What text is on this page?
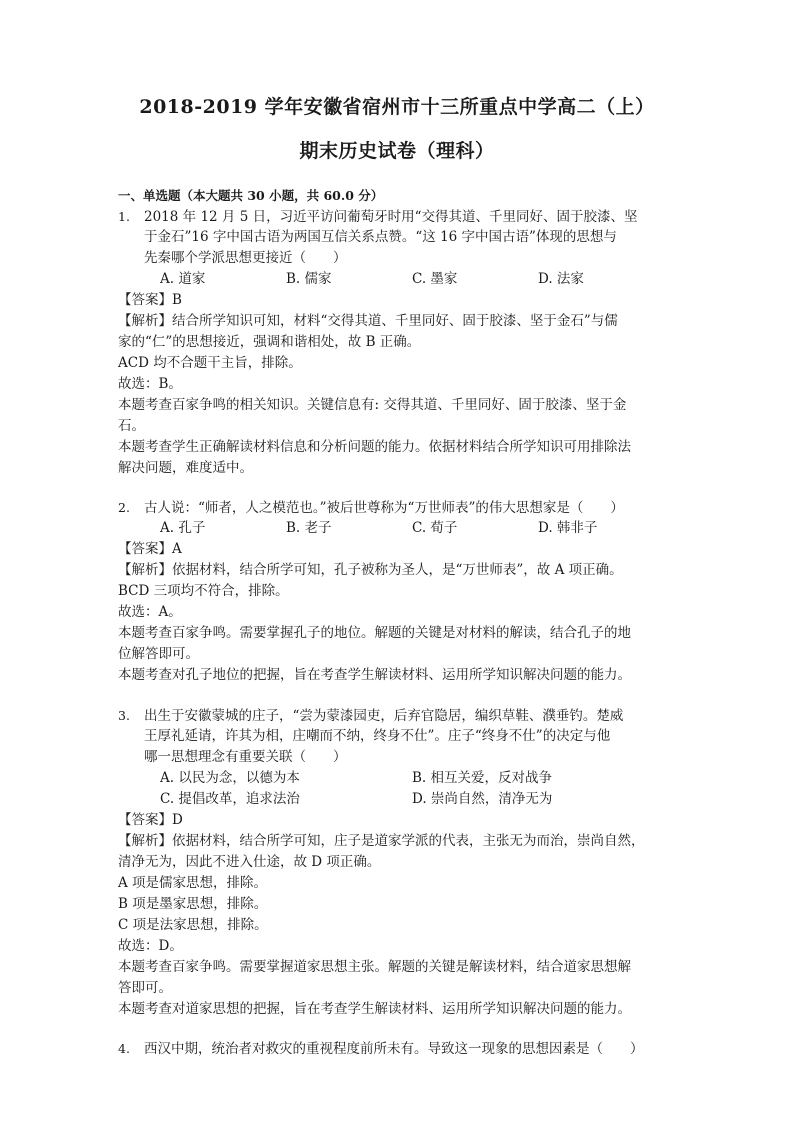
2018-2019 学年安徽省宿州市十三所重点中学高二（上）
期末历史试卷（理科）
一、单选题（本大题共 30 小题，共 60.0 分）
1. 2018 年 12 月 5 日，习近平访问葡萄牙时用“交得其道、千里同好、固于胶漆、坚
于金石”16 字中国古语为两国互信关系点赞。“这 16 字中国古语”体现的思想与
先秦哪个学派思想更接近（　　）
A. 道家	B. 儒家	C. 墨家	D. 法家
【答案】B
【解析】结合所学知识可知，材料“交得其道、千里同好、固于胶漆、坚于金石”与儒
家的“仁”的思想接近，强调和谐相处，故 B 正确。
ACD 均不合题干主旨，排除。
故选：B。
本题考查百家争鸣的相关知识。关键信息有: 交得其道、千里同好、固于胶漆、坚于金
石。
本题考查学生正确解读材料信息和分析问题的能力。依据材料结合所学知识可用排除法
解决问题，难度适中。
2. 古人说：“师者，人之模范也。”被后世尊称为“万世师表”的伟大思想家是（　　）
A. 孔子	B. 老子	C. 荀子	D. 韩非子
【答案】A
【解析】依据材料，结合所学可知，孔子被称为圣人，是“万世师表”，故 A 项正确。
BCD 三项均不符合，排除。
故选：A。
本题考查百家争鸣。需要掌握孔子的地位。解题的关键是对材料的解读，结合孔子的地
位解答即可。
本题考查对孔子地位的把握，旨在考查学生解读材料、运用所学知识解决问题的能力。
3. 出生于安徽蒙城的庄子，“尝为蒙漆园吏，后弃官隐居，编织草鞋、濮垂钓。楚威
王厚礼延请，许其为相，庄嘲而不纳，终身不仕”。庄子“终身不仕”的决定与他
哪一思想理念有重要关联（　　）
A. 以民为念，以德为本	B. 相互关爱，反对战争
C. 提倡改革，追求法治	D. 崇尚自然，清净无为
【答案】D
【解析】依据材料，结合所学可知，庄子是道家学派的代表，主张无为而治，崇尚自然，
清净无为，因此不进入仕途，故 D 项正确。
A 项是儒家思想，排除。
B 项是墨家思想，排除。
C 项是法家思想，排除。
故选：D。
本题考查百家争鸣。需要掌握道家思想主张。解题的关键是解读材料，结合道家思想解
答即可。
本题考查对道家思想的把握，旨在考查学生解读材料、运用所学知识解决问题的能力。
4. 西汉中期，统治者对救灾的重视程度前所未有。导致这一现象的思想因素是（　　）
